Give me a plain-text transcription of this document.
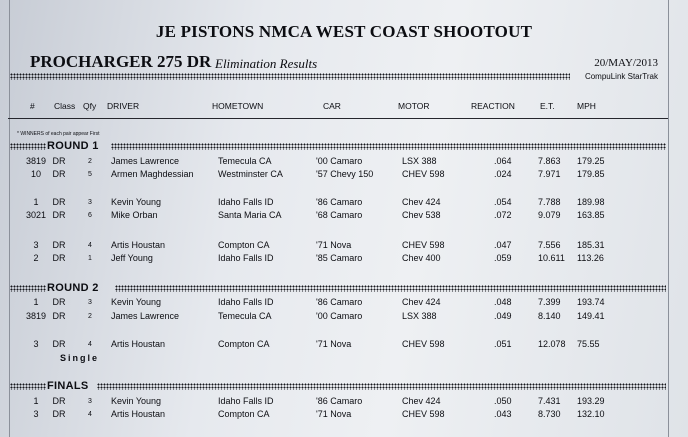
JE PISTONS NMCA WEST COAST SHOOTOUT
PROCHARGER 275 DR Elimination Results	20/MAY/2013
CompuLink StarTrak
# Class Qfy DRIVER	HOMETOWN	CAR	MOTOR	REACTION	E.T.	MPH
* WINNERS of each pair appear First
ROUND 1
3819 DR	2	James Lawrence	Temecula CA	'00 Camaro	LSX 388	.064	7.863 179.25
10	DR	5	Armen Maghdessian	Westminster CA	'57 Chevy 150	CHEV 598	.024	7.971 179.85
1	DR	3	Kevin Young	Idaho Falls ID	'86 Camaro	Chev 424	.054	7.788 189.98
3021 DR	6	Mike Orban	Santa Maria CA	'68 Camaro	Chev 538	.072	9.079 163.85
3	DR	4	Artis Houstan	Compton CA	'71 Nova	CHEV 598	.047	7.556 185.31
2	DR	1	Jeff Young	Idaho Falls ID	'85 Camaro	Chev 400	.059	10.611 113.26
ROUND 2
1	DR	3	Kevin Young	Idaho Falls ID	'86 Camaro	Chev 424	.048	7.399 193.74
3819 DR	2	James Lawrence	Temecula CA	'00 Camaro	LSX 388	.049	8.140 149.41
3	DR	4	Artis Houstan	Compton CA	'71 Nova	CHEV 598	.051	12.078 75.55
Single
FINALS
1	DR	3	Kevin Young	Idaho Falls ID	'86 Camaro	Chev 424	.050	7.431 193.29
3	DR	4	Artis Houstan	Compton CA	'71 Nova	CHEV 598	.043	8.730 132.10
